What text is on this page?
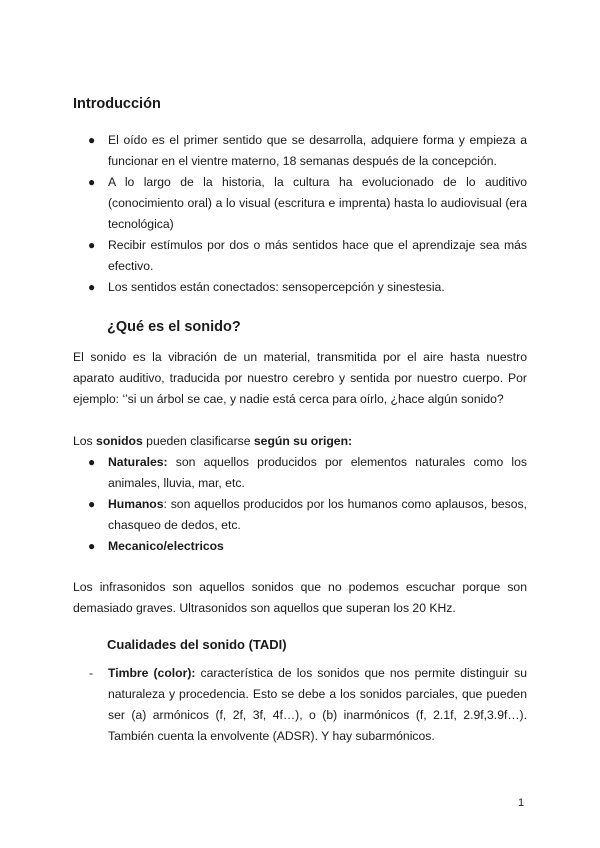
Introducción
● El oído es el primer sentido que se desarrolla, adquiere forma y empieza a funcionar en el vientre materno, 18 semanas después de la concepción.
● A lo largo de la historia, la cultura ha evolucionado de lo auditivo (conocimiento oral) a lo visual (escritura e imprenta) hasta lo audiovisual (era tecnológica)
● Recibir estímulos por dos o más sentidos hace que el aprendizaje sea más efectivo.
● Los sentidos están conectados: sensopercepción y sinestesia.
¿Qué es el sonido?

El sonido es la vibración de un material, transmitida por el aire hasta nuestro aparato auditivo, traducida por nuestro cerebro y sentida por nuestro cuerpo. Por ejemplo: ‘’si un árbol se cae, y nadie está cerca para oírlo, ¿hace algún sonido?

Los sonidos pueden clasificarse según su origen:

● Naturales: son aquellos producidos por elementos naturales como los animales, lluvia, mar, etc.
● Humanos: son aquellos producidos por los humanos como aplausos, besos, chasqueo de dedos, etc.
● Mecanico/electricos

Los infrasonidos son aquellos sonidos que no podemos escuchar porque son demasiado graves. Ultrasonidos son aquellos que superan los 20 KHz.

Cualidades del sonido (TADI)
- Timbre (color): característica de los sonidos que nos permite distinguir su naturaleza y procedencia. Esto se debe a los sonidos parciales, que pueden ser (a) armónicos (f, 2f, 3f, 4f…), o (b) inarmónicos (f, 2.1f, 2.9f,3.9f…). También cuenta la envolvente (ADSR). Y hay subarmónicos.
1
